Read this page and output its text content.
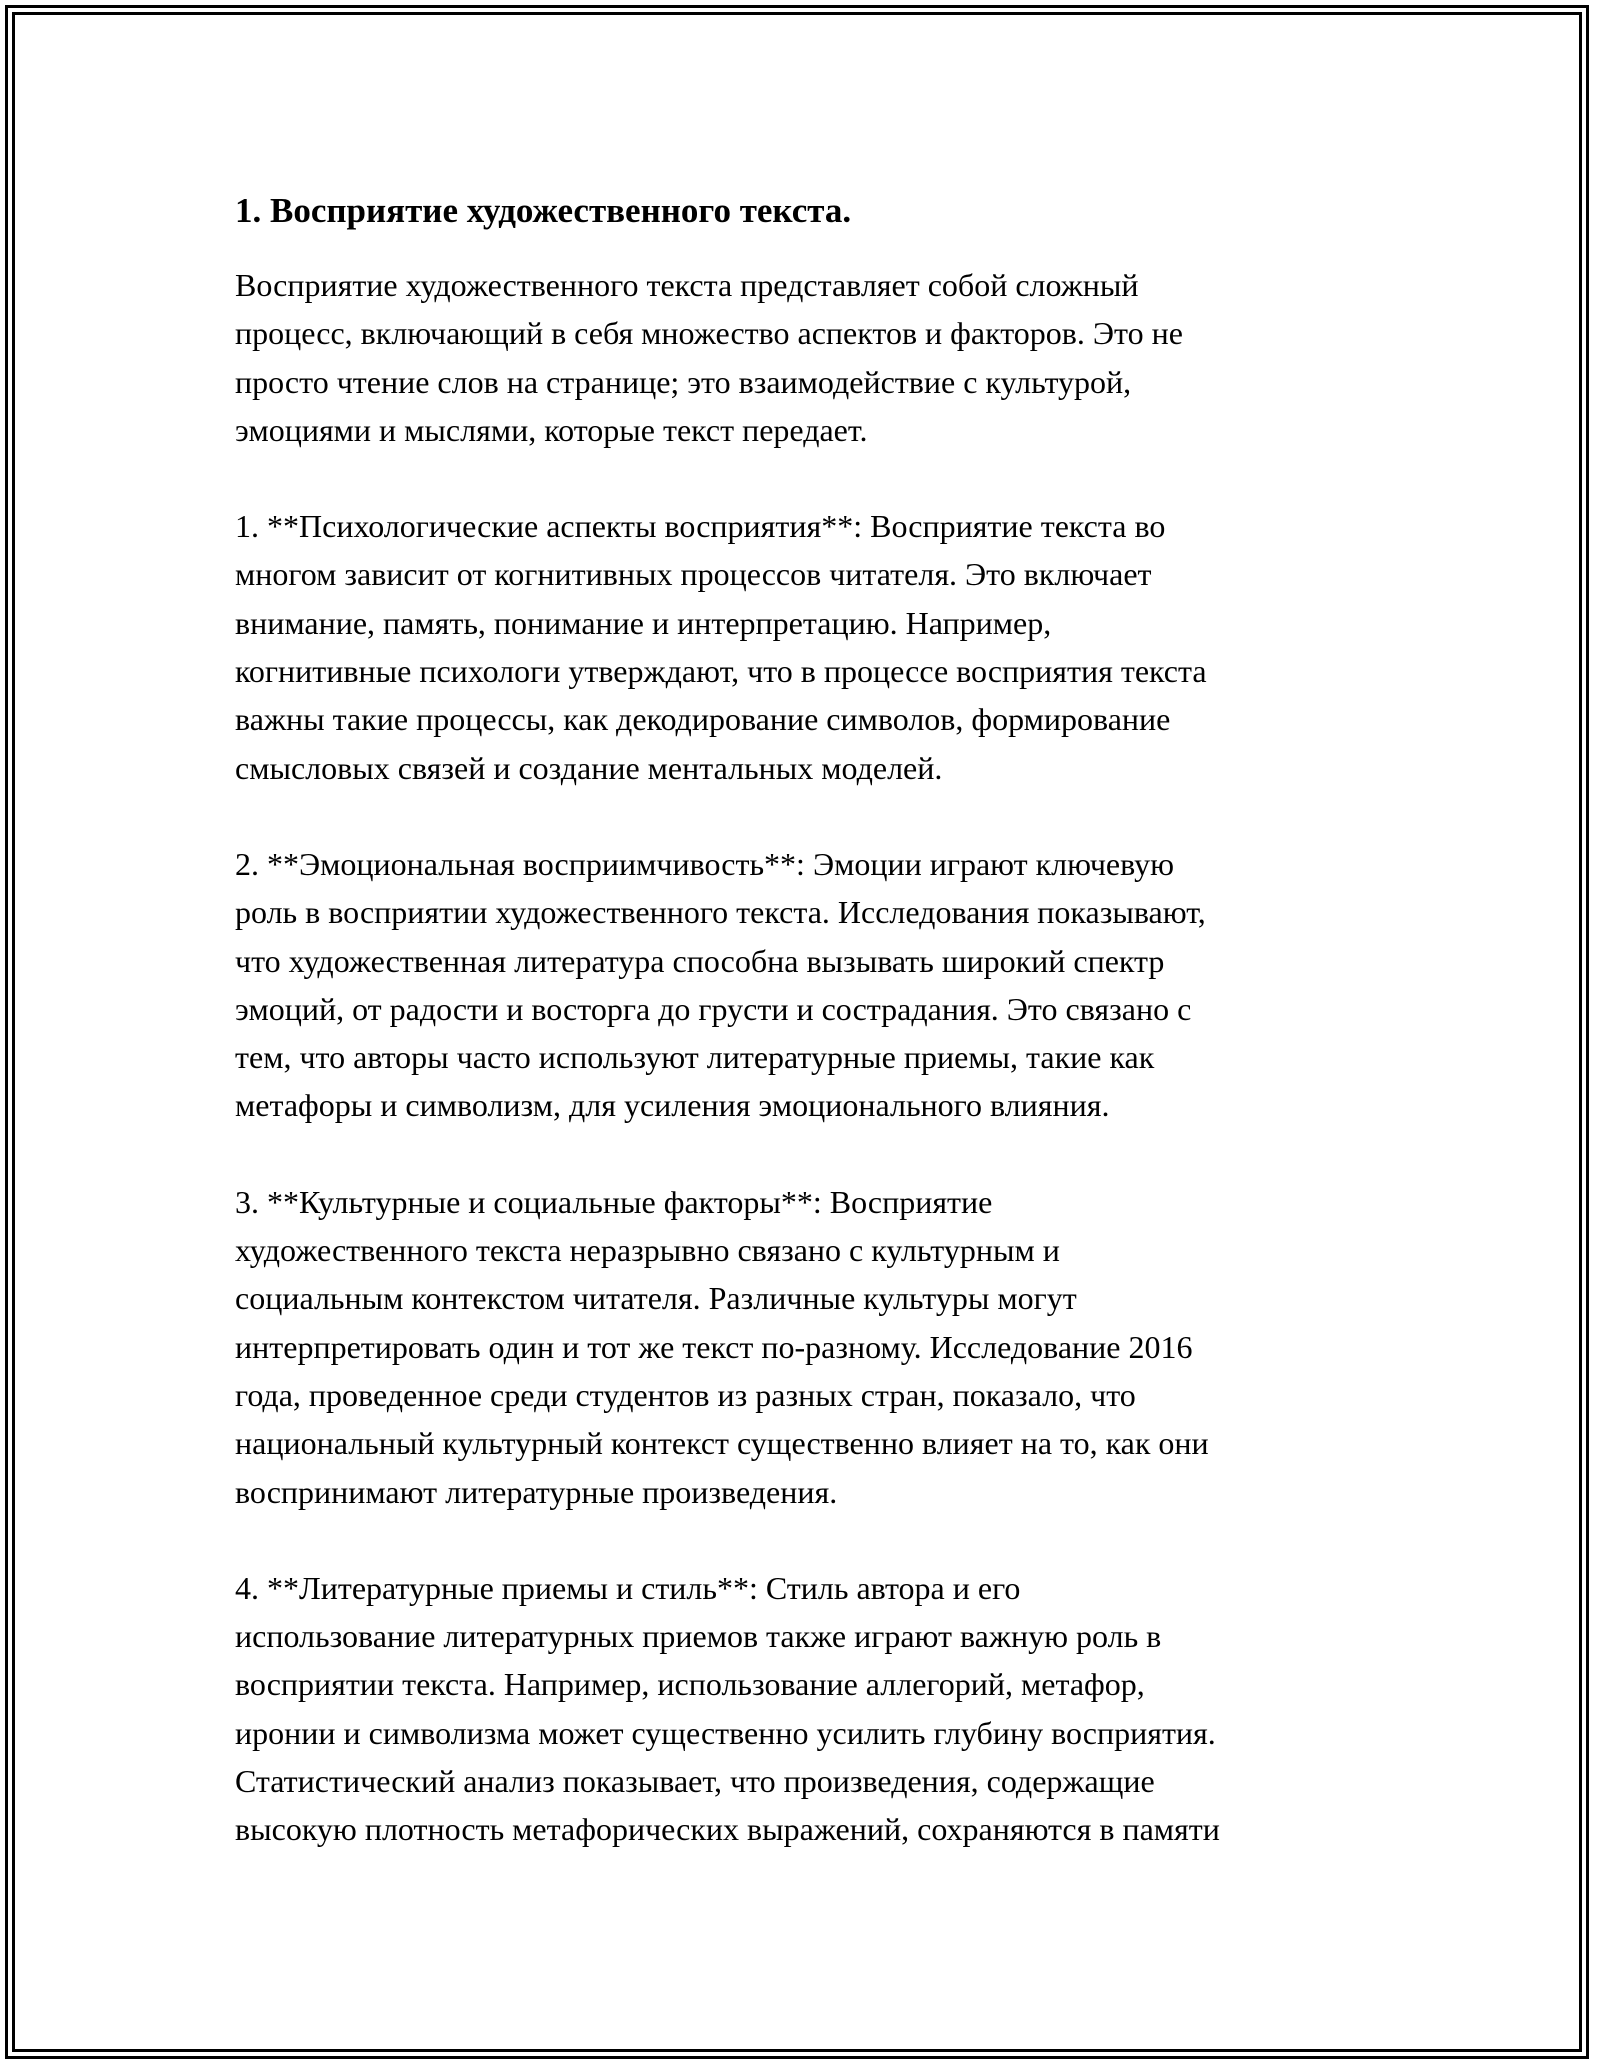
1. Восприятие художественного текста.

Восприятие художественного текста представляет собой сложный
процесс, включающий в себя множество аспектов и факторов. Это не
просто чтение слов на странице; это взаимодействие с культурой,
эмоциями и мыслями, которые текст передает.

1. **Психологические аспекты восприятия**: Восприятие текста во
многом зависит от когнитивных процессов читателя. Это включает
внимание, память, понимание и интерпретацию. Например,
когнитивные психологи утверждают, что в процессе восприятия текста
важны такие процессы, как декодирование символов, формирование
смысловых связей и создание ментальных моделей.

2. **Эмоциональная восприимчивость**: Эмоции играют ключевую
роль в восприятии художественного текста. Исследования показывают,
что художественная литература способна вызывать широкий спектр
эмоций, от радости и восторга до грусти и сострадания. Это связано с
тем, что авторы часто используют литературные приемы, такие как
метафоры и символизм, для усиления эмоционального влияния.

3. **Культурные и социальные факторы**: Восприятие
художественного текста неразрывно связано с культурным и
социальным контекстом читателя. Различные культуры могут
интерпретировать один и тот же текст по-разному. Исследование 2016
года, проведенное среди студентов из разных стран, показало, что
национальный культурный контекст существенно влияет на то, как они
воспринимают литературные произведения.

4. **Литературные приемы и стиль**: Стиль автора и его
использование литературных приемов также играют важную роль в
восприятии текста. Например, использование аллегорий, метафор,
иронии и символизма может существенно усилить глубину восприятия.
Статистический анализ показывает, что произведения, содержащие
высокую плотность метафорических выражений, сохраняются в памяти
